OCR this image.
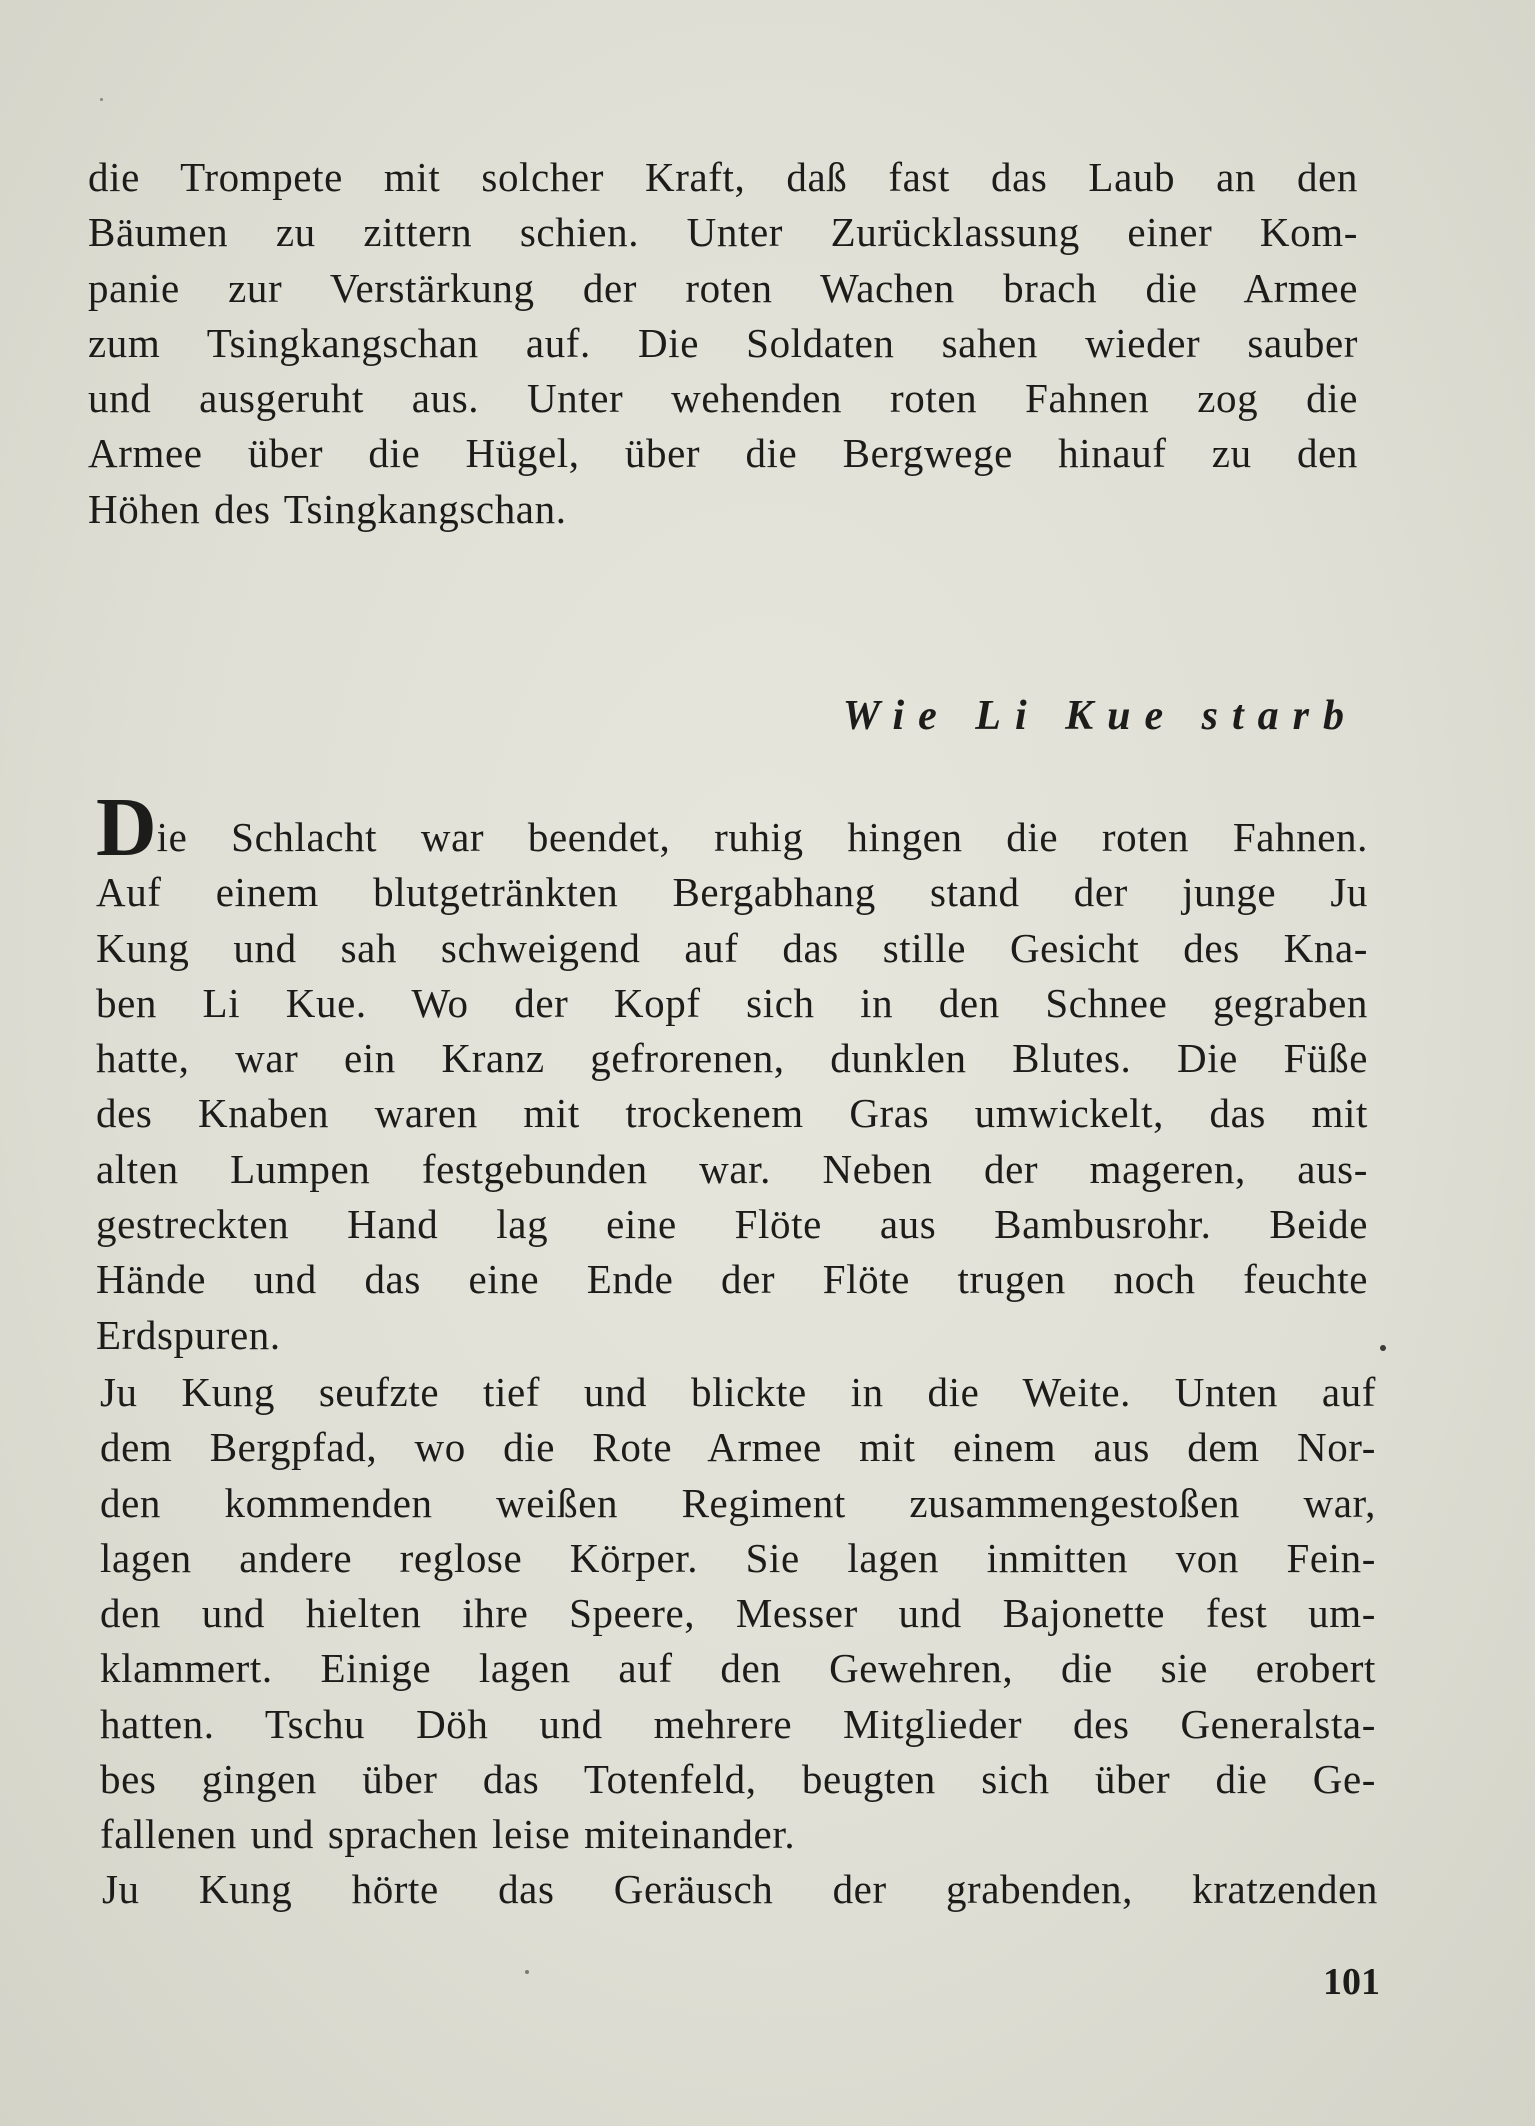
die Trompete mit solcher Kraft, daß fast das Laub an den
Bäumen zu zittern schien. Unter Zurücklassung einer Kom-
panie zur Verstärkung der roten Wachen brach die Armee
zum Tsingkangschan auf. Die Soldaten sahen wieder sauber
und ausgeruht aus. Unter wehenden roten Fahnen zog die
Armee über die Hügel, über die Bergwege hinauf zu den
Höhen des Tsingkangschan.

Wie Li Kue starb

Die Schlacht war beendet, ruhig hingen die roten Fahnen.
Auf einem blutgetränkten Bergabhang stand der junge Ju
Kung und sah schweigend auf das stille Gesicht des Kna-
ben Li Kue. Wo der Kopf sich in den Schnee gegraben
hatte, war ein Kranz gefrorenen, dunklen Blutes. Die Füße
des Knaben waren mit trockenem Gras umwickelt, das mit
alten Lumpen festgebunden war. Neben der mageren, aus-
gestreckten Hand lag eine Flöte aus Bambusrohr. Beide
Hände und das eine Ende der Flöte trugen noch feuchte
Erdspuren.

Ju Kung seufzte tief und blickte in die Weite. Unten auf
dem Bergpfad, wo die Rote Armee mit einem aus dem Nor-
den kommenden weißen Regiment zusammengestoßen war,
lagen andere reglose Körper. Sie lagen inmitten von Fein-
den und hielten ihre Speere, Messer und Bajonette fest um-
klammert. Einige lagen auf den Gewehren, die sie erobert
hatten. Tschu Döh und mehrere Mitglieder des Generalsta-
bes gingen über das Totenfeld, beugten sich über die Ge-
fallenen und sprachen leise miteinander.

Ju Kung hörte das Geräusch der grabenden, kratzenden

101
